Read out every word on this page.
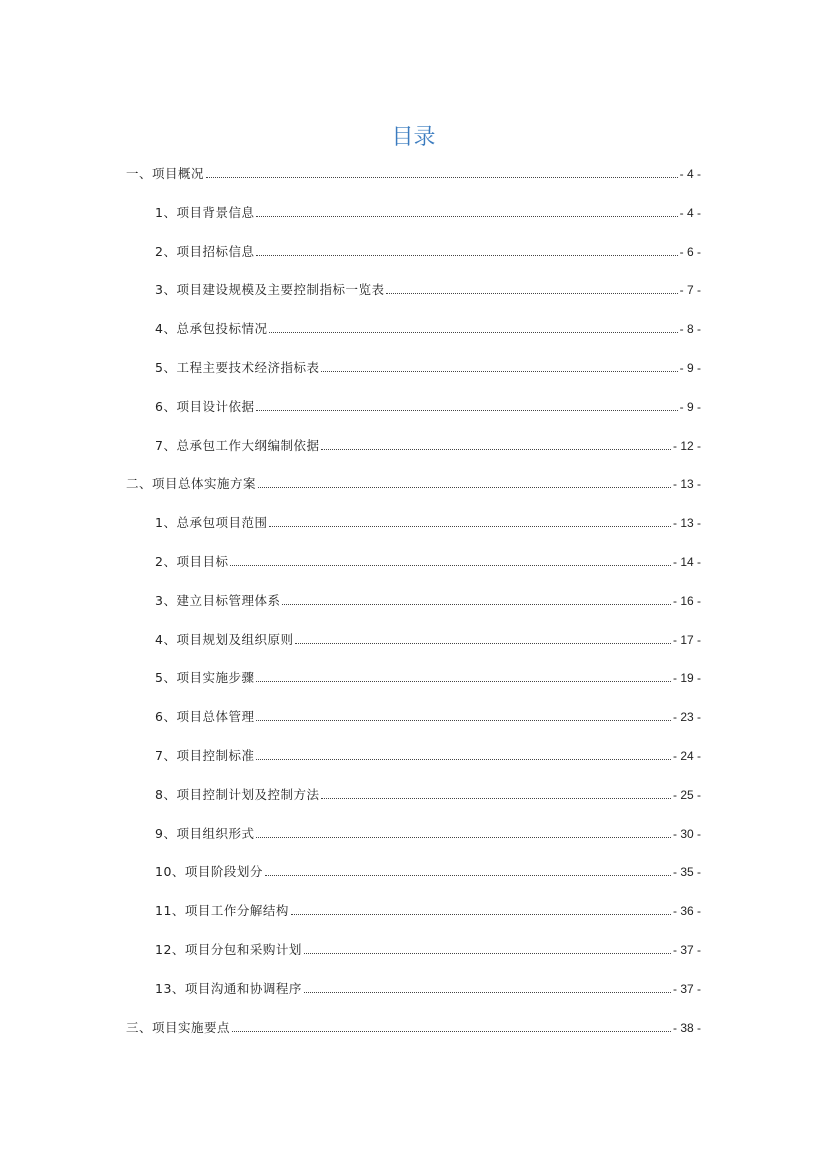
目录
一、项目概况	- 4 -
1、项目背景信息	- 4 -
2、项目招标信息	- 6 -
3、项目建设规模及主要控制指标一览表	- 7 -
4、总承包投标情况	- 8 -
5、工程主要技术经济指标表	- 9 -
6、项目设计依据	- 9 -
7、总承包工作大纲编制依据	- 12 -
二、项目总体实施方案	- 13 -
1、总承包项目范围	- 13 -
2、项目目标	- 14 -
3、建立目标管理体系	- 16 -
4、项目规划及组织原则	- 17 -
5、项目实施步骤	- 19 -
6、项目总体管理	- 23 -
7、项目控制标准	- 24 -
8、项目控制计划及控制方法	- 25 -
9、项目组织形式	- 30 -
10、项目阶段划分	- 35 -
11、项目工作分解结构	- 36 -
12、项目分包和采购计划	- 37 -
13、项目沟通和协调程序	- 37 -
三、项目实施要点	- 38 -
